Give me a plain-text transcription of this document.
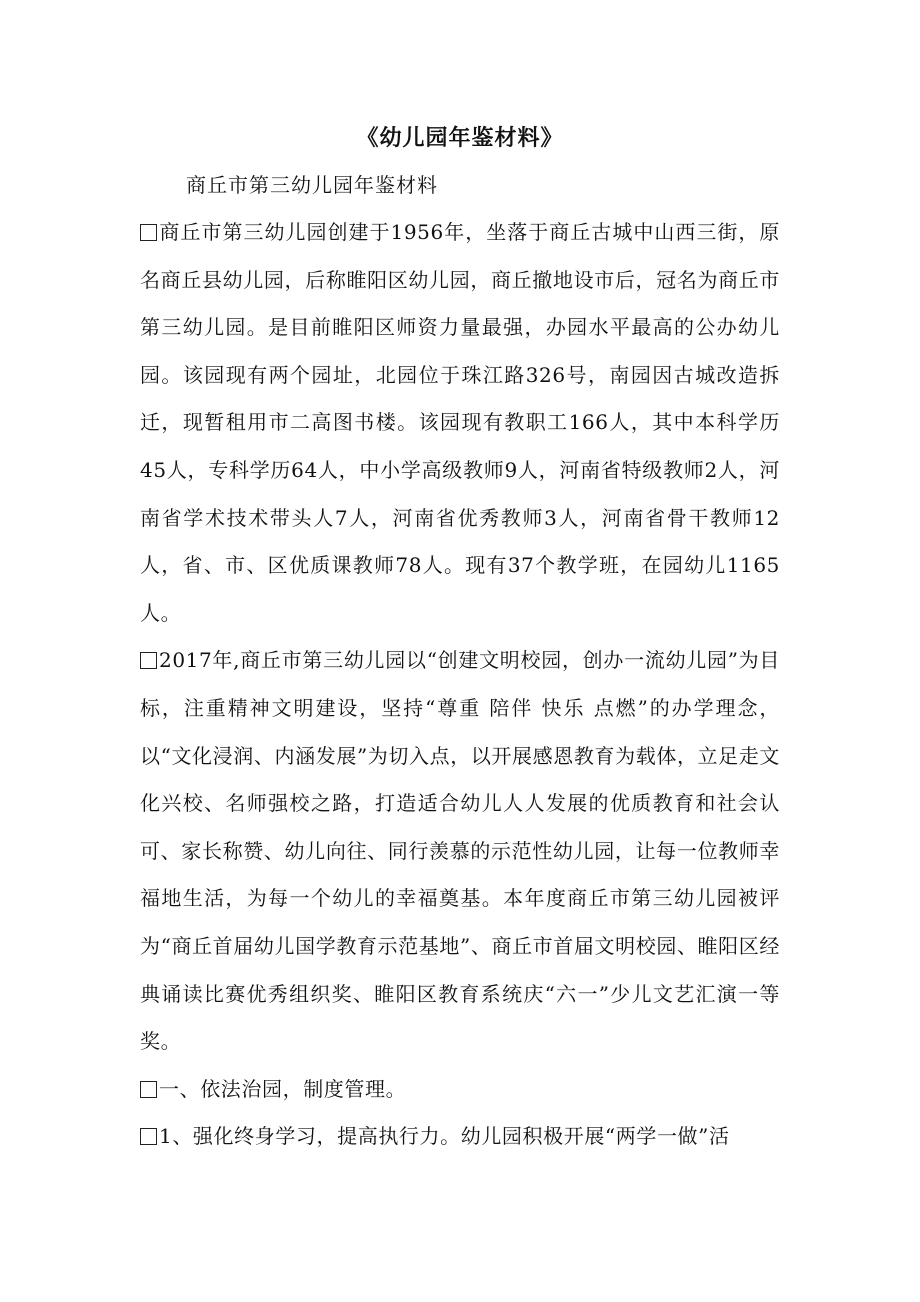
《幼儿园年鉴材料》
商丘市第三幼儿园年鉴材料

商丘市第三幼儿园创建于1956年，坐落于商丘古城中山西三街，原名商丘县幼儿园，后称睢阳区幼儿园，商丘撤地设市后，冠名为商丘市第三幼儿园。是目前睢阳区师资力量最强，办园水平最高的公办幼儿园。该园现有两个园址，北园位于珠江路326号，南园因古城改造拆迁，现暂租用市二高图书楼。该园现有教职工166人，其中本科学历45人，专科学历64人，中小学高级教师9人，河南省特级教师2人，河南省学术技术带头人7人，河南省优秀教师3人，河南省骨干教师12人，省、市、区优质课教师78人。现有37个教学班，在园幼儿1165人。

2017年,商丘市第三幼儿园以“创建文明校园，创办一流幼儿园”为目标，注重精神文明建设，坚持“尊重 陪伴 快乐 点燃”的办学理念，以“文化浸润、内涵发展”为切入点，以开展感恩教育为载体，立足走文化兴校、名师强校之路，打造适合幼儿人人发展的优质教育和社会认可、家长称赞、幼儿向往、同行羡慕的示范性幼儿园，让每一位教师幸福地生活，为每一个幼儿的幸福奠基。本年度商丘市第三幼儿园被评为“商丘首届幼儿国学教育示范基地”、商丘市首届文明校园、睢阳区经典诵读比赛优秀组织奖、睢阳区教育系统庆“六一”少儿文艺汇演一等奖。

一、依法治园，制度管理。

1、强化终身学习，提高执行力。幼儿园积极开展“两学一做”活
